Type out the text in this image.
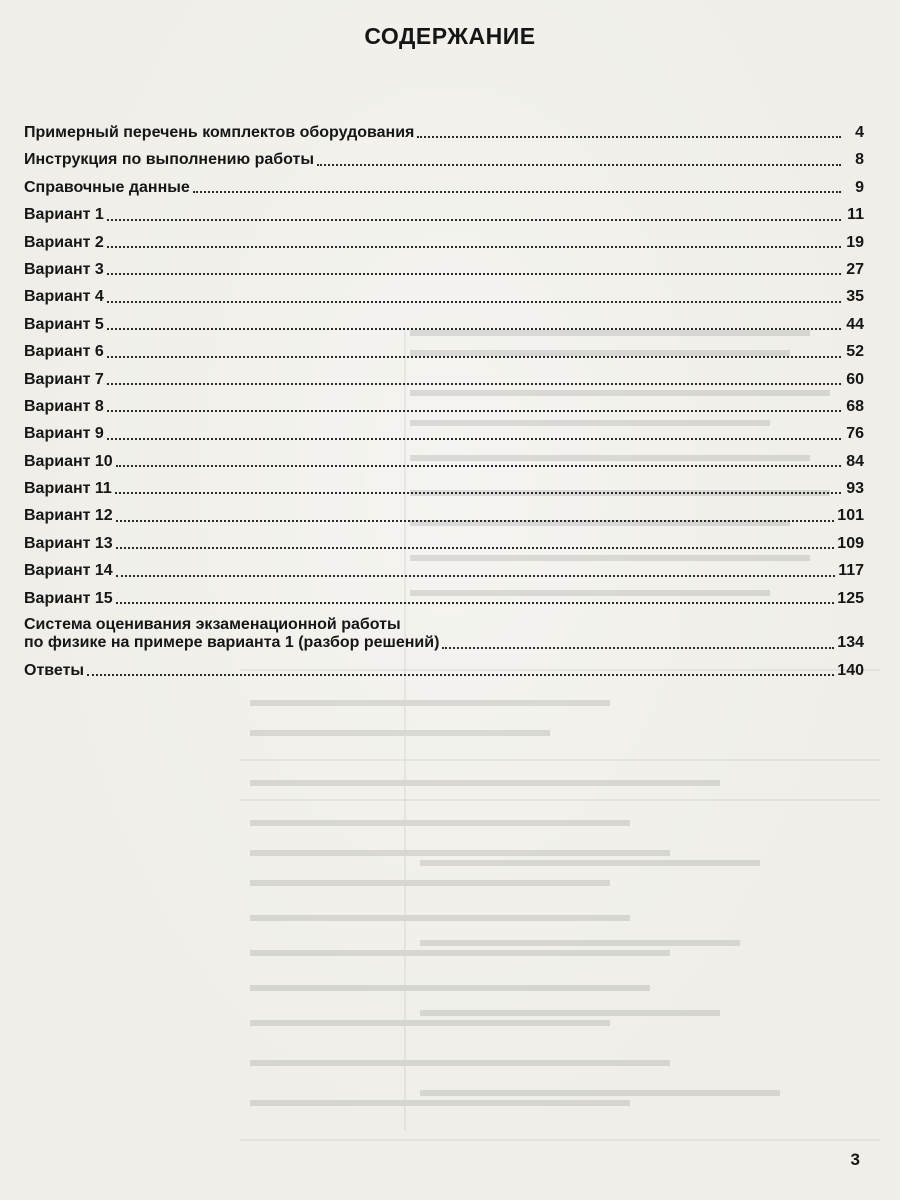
СОДЕРЖАНИЕ
Примерный перечень комплектов оборудования	4
Инструкция по выполнению работы	8
Справочные данные	9
Вариант 1	11
Вариант 2	19
Вариант 3	27
Вариант 4	35
Вариант 5	44
Вариант 6	52
Вариант 7	60
Вариант 8	68
Вариант 9	76
Вариант 10	84
Вариант 11	93
Вариант 12	101
Вариант 13	109
Вариант 14	117
Вариант 15	125
Система оценивания экзаменационной работы
по физике на примере варианта 1 (разбор решений)	134
Ответы	140
3
